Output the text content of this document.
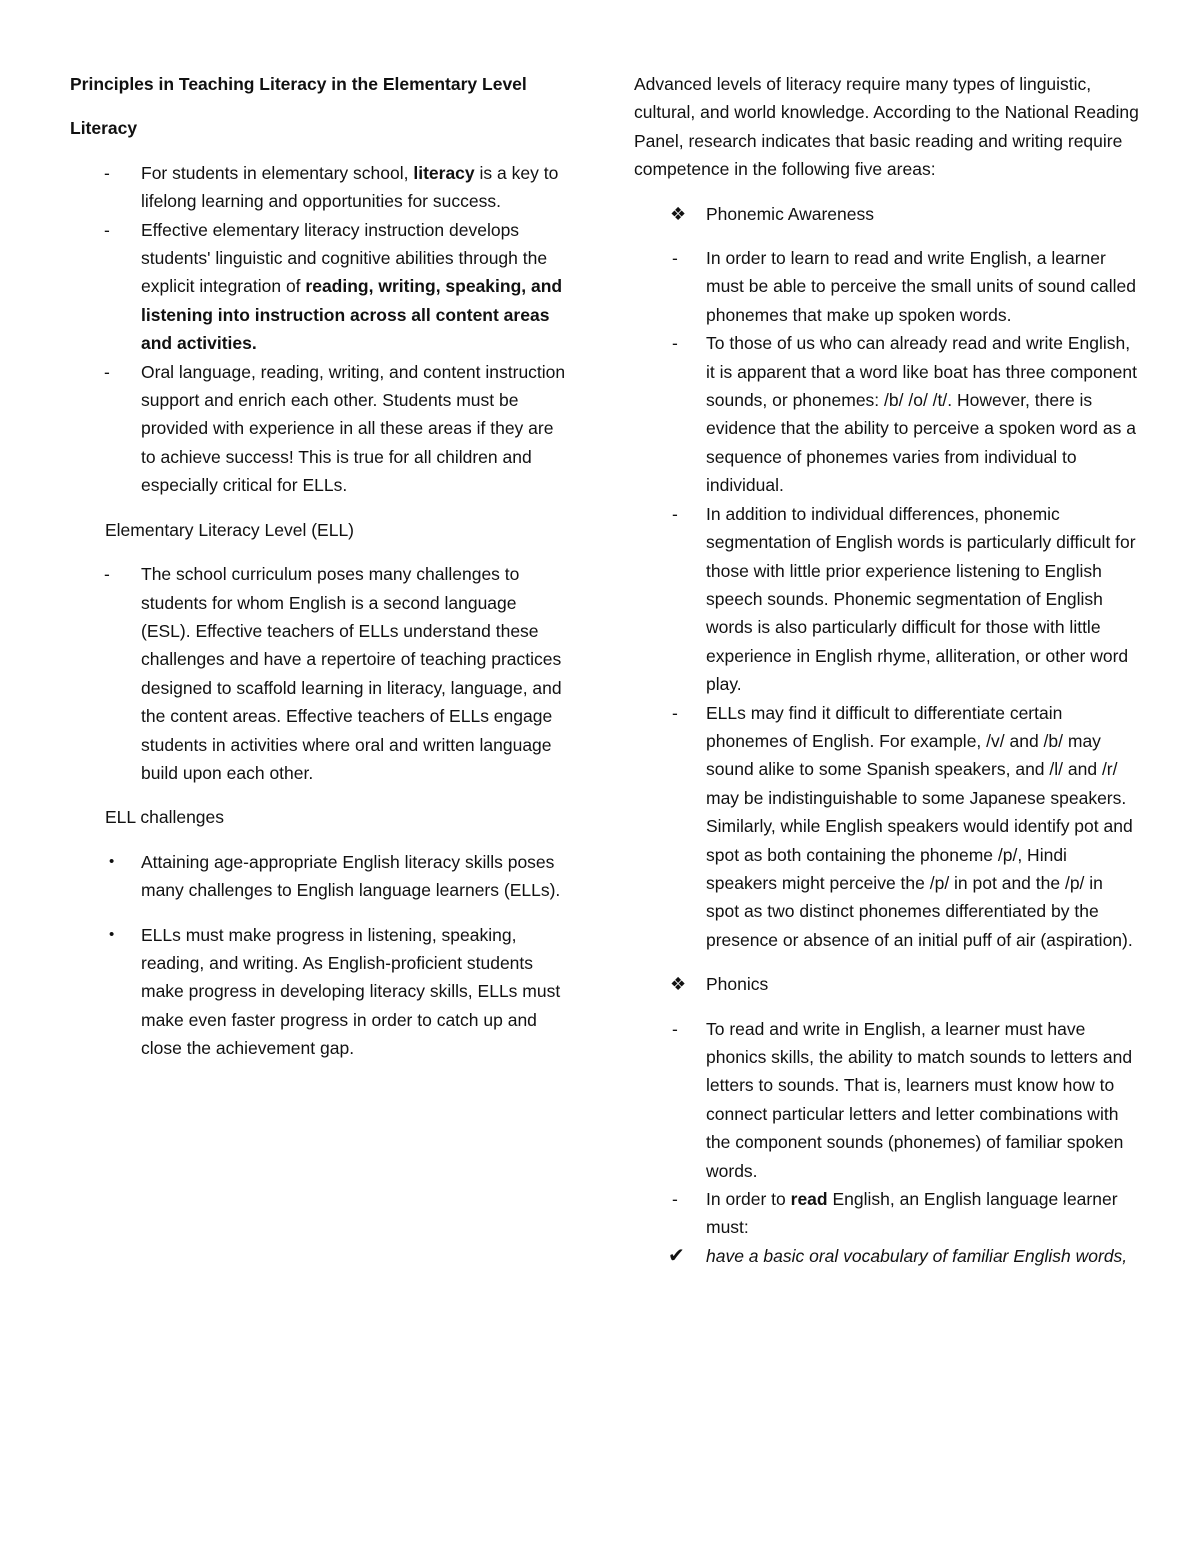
Principles in Teaching Literacy in the Elementary Level

Literacy

- For students in elementary school, literacy is a key to lifelong learning and opportunities for success.
- Effective elementary literacy instruction develops students' linguistic and cognitive abilities through the explicit integration of reading, writing, speaking, and listening into instruction across all content areas and activities.
- Oral language, reading, writing, and content instruction support and enrich each other. Students must be provided with experience in all these areas if they are to achieve success! This is true for all children and especially critical for ELLs.

Elementary Literacy Level (ELL)

- The school curriculum poses many challenges to students for whom English is a second language (ESL). Effective teachers of ELLs understand these challenges and have a repertoire of teaching practices designed to scaffold learning in literacy, language, and the content areas. Effective teachers of ELLs engage students in activities where oral and written language build upon each other.

ELL challenges

• Attaining age-appropriate English literacy skills poses many challenges to English language learners (ELLs).
• ELLs must make progress in listening, speaking, reading, and writing. As English-proficient students make progress in developing literacy skills, ELLs must make even faster progress in order to catch up and close the achievement gap.

Advanced levels of literacy require many types of linguistic, cultural, and world knowledge. According to the National Reading Panel, research indicates that basic reading and writing require competence in the following five areas:

❖ Phonemic Awareness
- In order to learn to read and write English, a learner must be able to perceive the small units of sound called phonemes that make up spoken words.
- To those of us who can already read and write English, it is apparent that a word like boat has three component sounds, or phonemes: /b/ /o/ /t/. However, there is evidence that the ability to perceive a spoken word as a sequence of phonemes varies from individual to individual.
- In addition to individual differences, phonemic segmentation of English words is particularly difficult for those with little prior experience listening to English speech sounds. Phonemic segmentation of English words is also particularly difficult for those with little experience in English rhyme, alliteration, or other word play.
- ELLs may find it difficult to differentiate certain phonemes of English. For example, /v/ and /b/ may sound alike to some Spanish speakers, and /l/ and /r/ may be indistinguishable to some Japanese speakers. Similarly, while English speakers would identify pot and spot as both containing the phoneme /p/, Hindi speakers might perceive the /p/ in pot and the /p/ in spot as two distinct phonemes differentiated by the presence or absence of an initial puff of air (aspiration).
❖ Phonics
- To read and write in English, a learner must have phonics skills, the ability to match sounds to letters and letters to sounds. That is, learners must know how to connect particular letters and letter combinations with the component sounds (phonemes) of familiar spoken words.
- In order to read English, an English language learner must:
✔ have a basic oral vocabulary of familiar English words,
